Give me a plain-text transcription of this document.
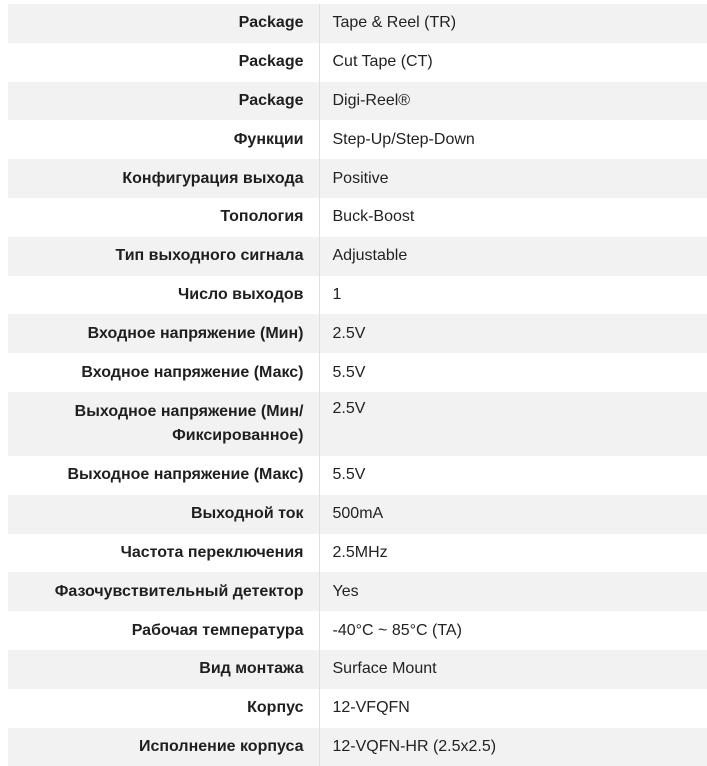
Package	Tape & Reel (TR)
Package	Cut Tape (CT)
Package	Digi-Reel®
Функции	Step-Up/Step-Down
Конфигурация выхода	Positive
Топология	Buck-Boost
Тип выходного сигнала	Adjustable
Число выходов	1
Входное напряжение (Мин)	2.5V
Входное напряжение (Макс)	5.5V
Выходное напряжение (Мин/Фиксированное)	2.5V
Выходное напряжение (Макс)	5.5V
Выходной ток	500mA
Частота переключения	2.5MHz
Фазочувствительный детектор	Yes
Рабочая температура	-40°C ~ 85°C (TA)
Вид монтажа	Surface Mount
Корпус	12-VFQFN
Исполнение корпуса	12-VQFN-HR (2.5x2.5)
